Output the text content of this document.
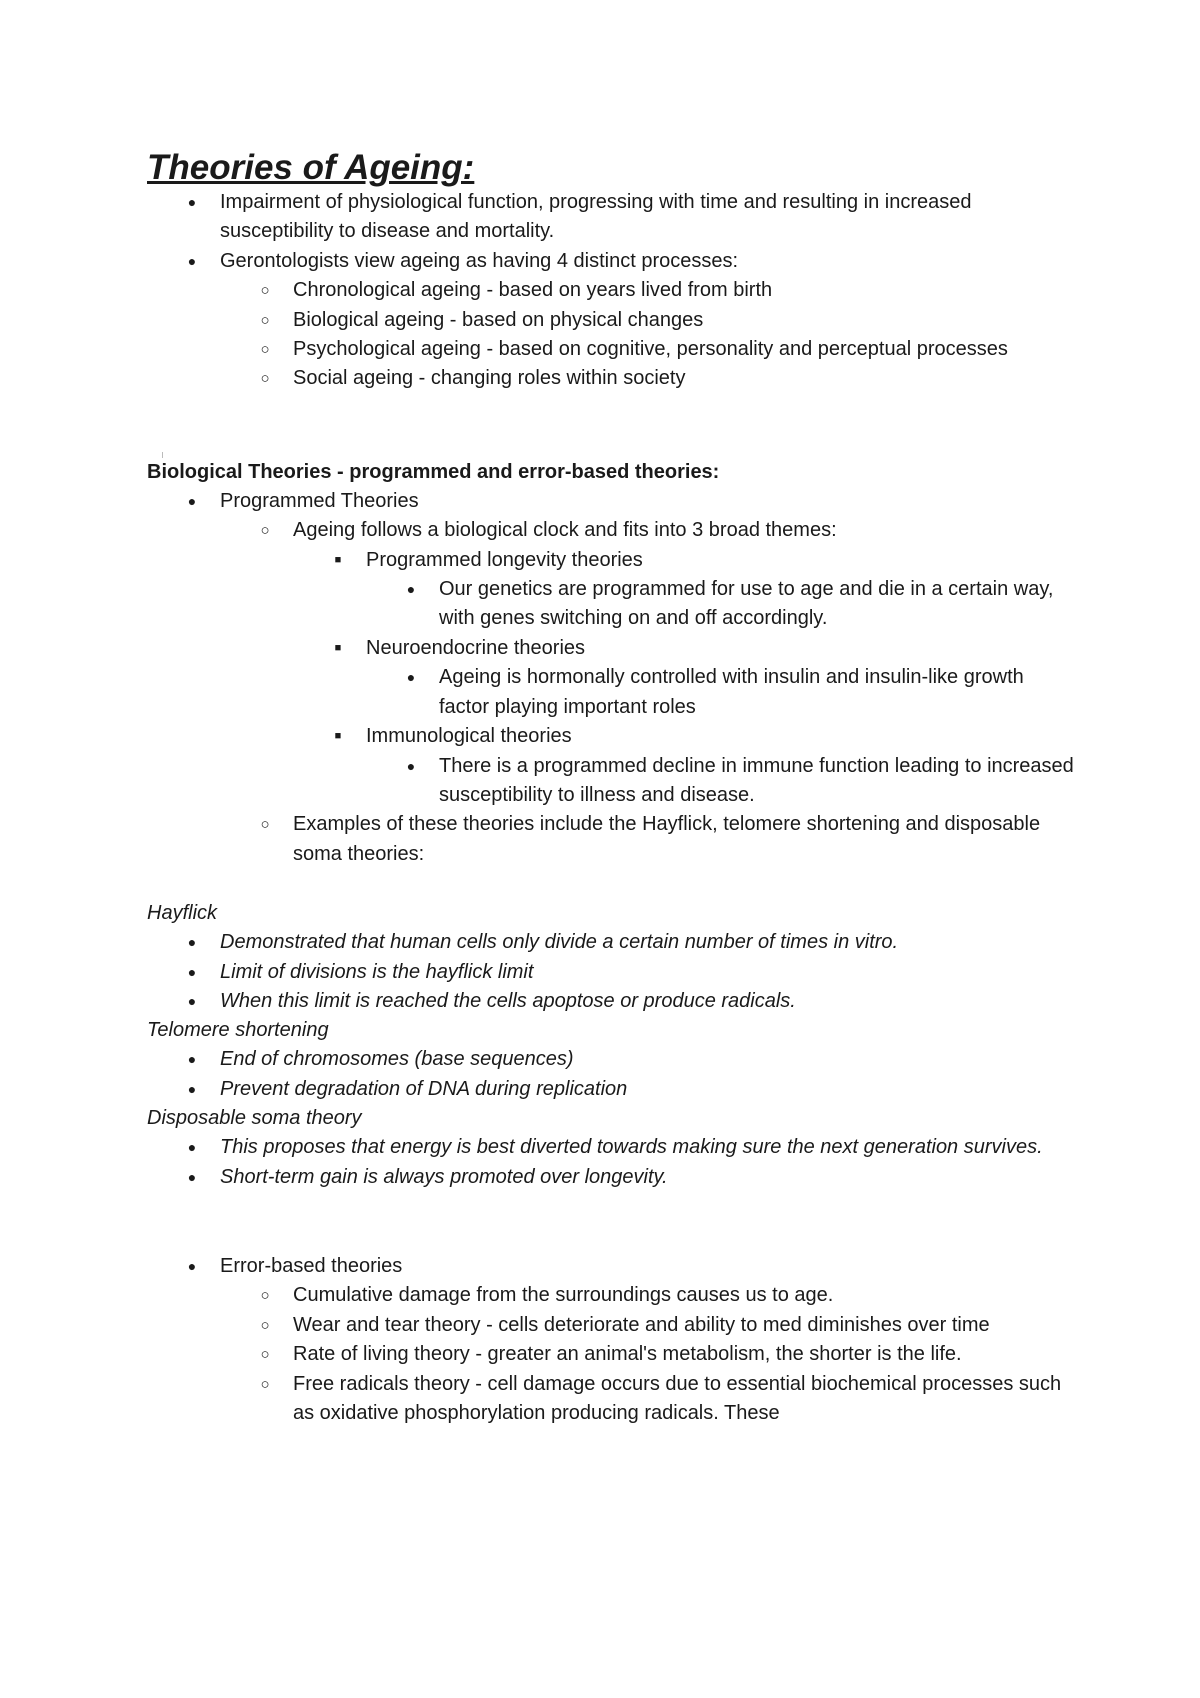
Theories of Ageing:
●	Impairment of physiological function, progressing with time and resulting in increased susceptibility to disease and mortality.
●	Gerontologists view ageing as having 4 distinct processes:
○	Chronological ageing - based on years lived from birth
○	Biological ageing - based on physical changes
○	Psychological ageing - based on cognitive, personality and perceptual processes
○	Social ageing - changing roles within society

Biological Theories - programmed and error-based theories:

●	Programmed Theories
○	Ageing follows a biological clock and fits into 3 broad themes:
■	Programmed longevity theories
●	Our genetics are programmed for use to age and die in a certain way, with genes switching on and off accordingly.
■	Neuroendocrine theories
●	Ageing is hormonally controlled with insulin and insulin-like growth factor playing important roles
■	Immunological theories
●	There is a programmed decline in immune function leading to increased susceptibility to illness and disease.
○	Examples of these theories include the Hayflick, telomere shortening and disposable soma theories:

Hayflick

●	Demonstrated that human cells only divide a certain number of times in vitro.
●	Limit of divisions is the hayflick limit
●	When this limit is reached the cells apoptose or produce radicals.

Telomere shortening

●	End of chromosomes (base sequences)
●	Prevent degradation of DNA during replication

Disposable soma theory

●	This proposes that energy is best diverted towards making sure the next generation survives.
●	Short-term gain is always promoted over longevity.
●	Error-based theories
○	Cumulative damage from the surroundings causes us to age.
○	Wear and tear theory - cells deteriorate and ability to med diminishes over time
○	Rate of living theory - greater an animal's metabolism, the shorter is the life.
○	Free radicals theory - cell damage occurs due to essential biochemical processes such as oxidative phosphorylation producing radicals. These
